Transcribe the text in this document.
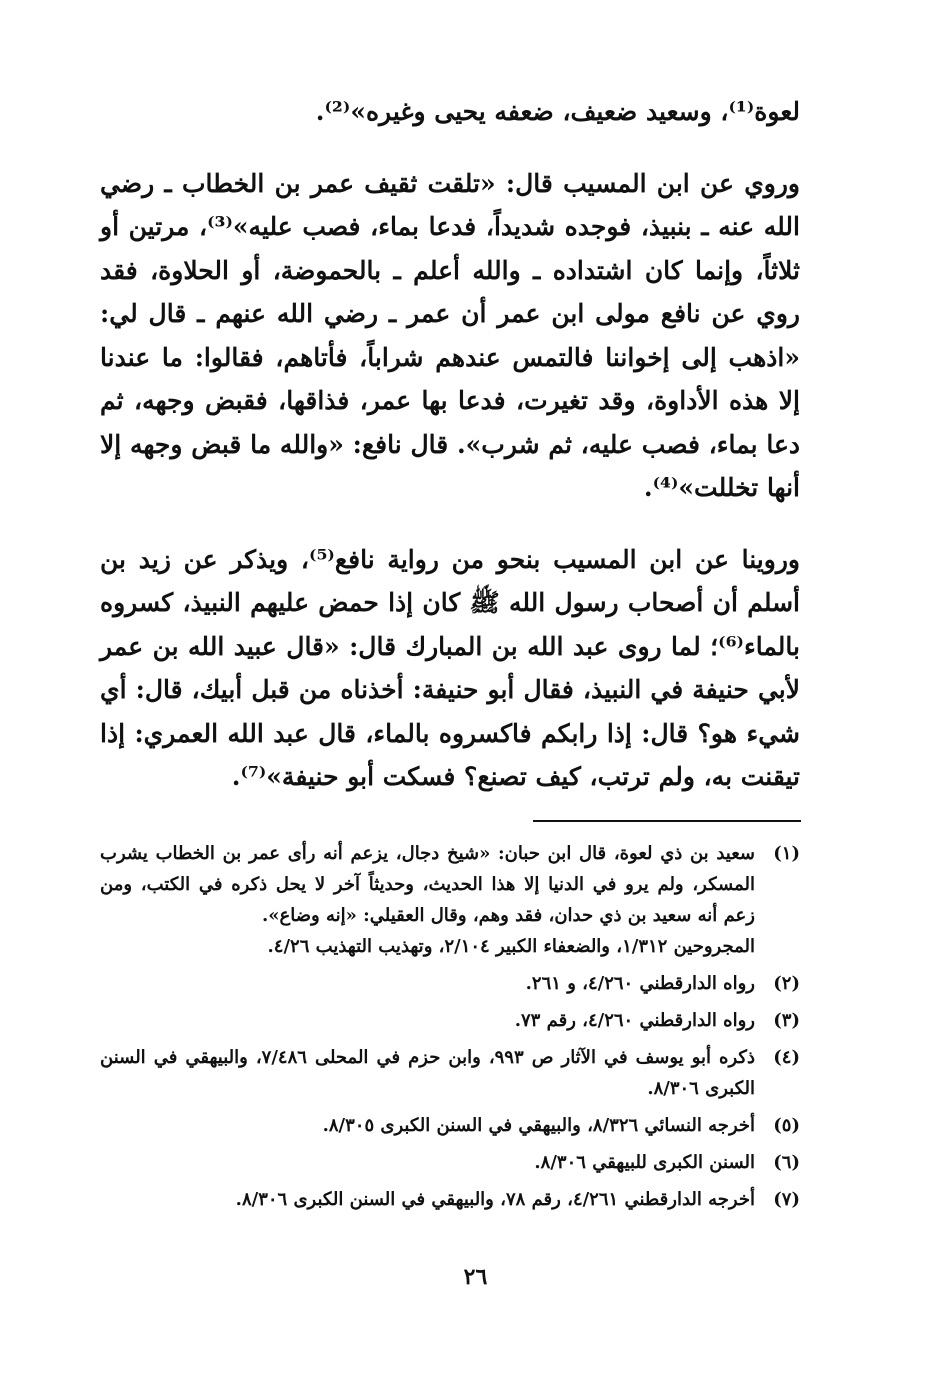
لعوة⁽¹⁾، وسعيد ضعيف، ضعفه يحيى وغيره»⁽²⁾.

وروي عن ابن المسيب قال: «تلقت ثقيف عمر بن الخطاب ـ رضي الله عنه ـ بنبيذ، فوجده شديداً، فدعا بماء، فصب عليه»⁽³⁾، مرتين أو ثلاثاً، وإنما كان اشتداده ـ والله أعلم ـ بالحموضة، أو الحلاوة، فقد روي عن نافع مولى ابن عمر أن عمر ـ رضي الله عنهم ـ قال لي: «اذهب إلى إخواننا فالتمس عندهم شراباً، فأتاهم، فقالوا: ما عندنا إلا هذه الأداوة، وقد تغيرت، فدعا بها عمر، فذاقها، فقبض وجهه، ثم دعا بماء، فصب عليه، ثم شرب». قال نافع: «والله ما قبض وجهه إلا أنها تخللت»⁽⁴⁾.

وروينا عن ابن المسيب بنحو من رواية نافع⁽⁵⁾، ويذكر عن زيد بن أسلم أن أصحاب رسول الله ﷺ كان إذا حمض عليهم النبيذ، كسروه بالماء⁽⁶⁾؛ لما روى عبد الله بن المبارك قال: «قال عبيد الله بن عمر لأبي حنيفة في النبيذ، فقال أبو حنيفة: أخذناه من قبل أبيك، قال: أي شيء هو؟ قال: إذا رابكم فاكسروه بالماء، قال عبد الله العمري: إذا تيقنت به، ولم ترتب، كيف تصنع؟ فسكت أبو حنيفة»⁽⁷⁾.

(١)
سعيد بن ذي لعوة، قال ابن حبان: «شيخ دجال، يزعم أنه رأى عمر بن الخطاب يشرب المسكر، ولم يرو في الدنيا إلا هذا الحديث، وحديثاً آخر لا يحل ذكره في الكتب، ومن زعم أنه سعيد بن ذي حدان، فقد وهم، وقال العقيلي: «إنه وضاع».
المجروحين ١/٣١٢، والضعفاء الكبير ٢/١٠٤، وتهذيب التهذيب ٤/٢٦.
(٢)
رواه الدارقطني ٤/٢٦٠، و ٢٦١.
(٣)
رواه الدارقطني ٤/٢٦٠، رقم ٧٣.
(٤)
ذكره أبو يوسف في الآثار ص ٩٩٣، وابن حزم في المحلى ٧/٤٨٦، والبيهقي في السنن الكبرى ٨/٣٠٦.
(٥)
أخرجه النسائي ٨/٣٢٦، والبيهقي في السنن الكبرى ٨/٣٠٥.
(٦)
السنن الكبرى للبيهقي ٨/٣٠٦.
(٧)
أخرجه الدارقطني ٤/٢٦١، رقم ٧٨، والبيهقي في السنن الكبرى ٨/٣٠٦.
٢٦
